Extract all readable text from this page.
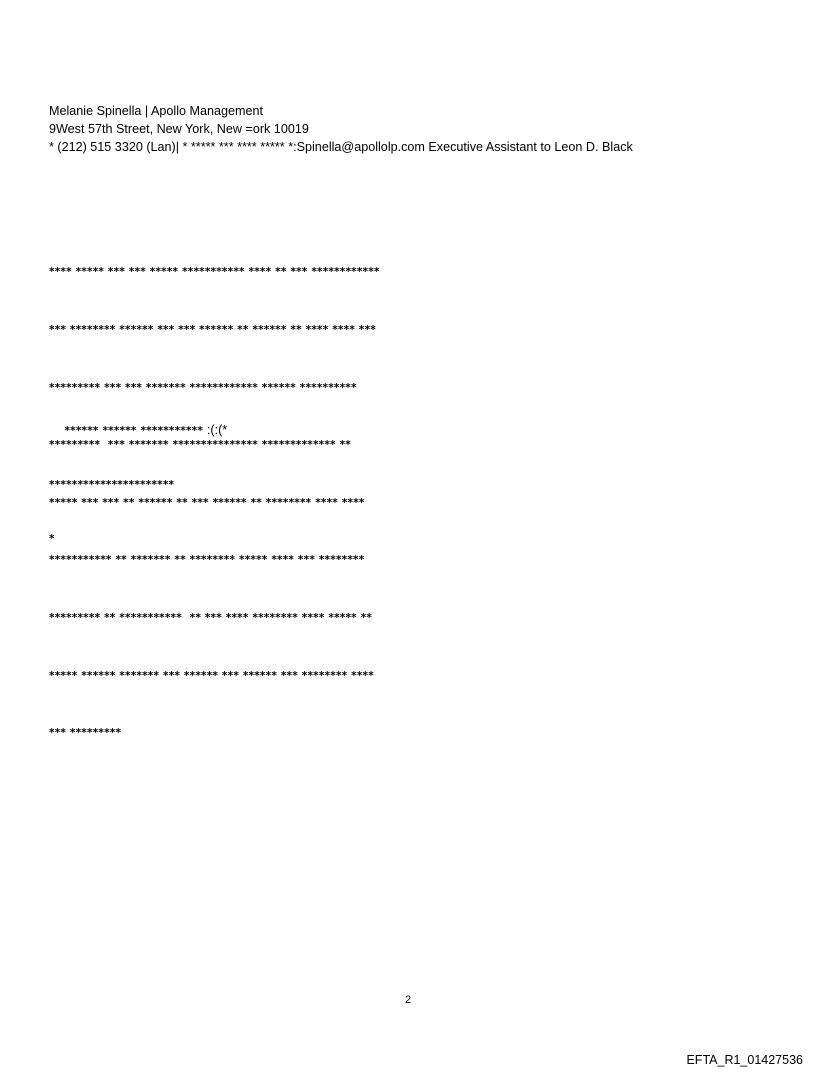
Melanie Spinella | Apollo Management
9West 57th Street, New York, New =ork 10019
* (212) 515 3320 (Lan)| * ***** *** **** ***** *:Spinella@apollolp.com Executive Assistant to Leon D. Black

**** ***** *** *** ***** *********** **** ** *** ************

*** ******** ****** *** *** ****** ** ****** ** **** **** ***

********* *** *** ******* ************ ****** **********

*********  *** ******* *************** ************* **

***** *** *** ** ****** ** *** ****** ** ******** **** ****

*********** ** ******* ** ******** ***** **** *** ********

********* ** ***********  ** *** **** ******** **** ***** **

***** ****** ******* *** ****** *** ****** *** ******** ****

*** *********

****** ****** *********** :(:(*

**********************
*
2
EFTA_R1_01427536
